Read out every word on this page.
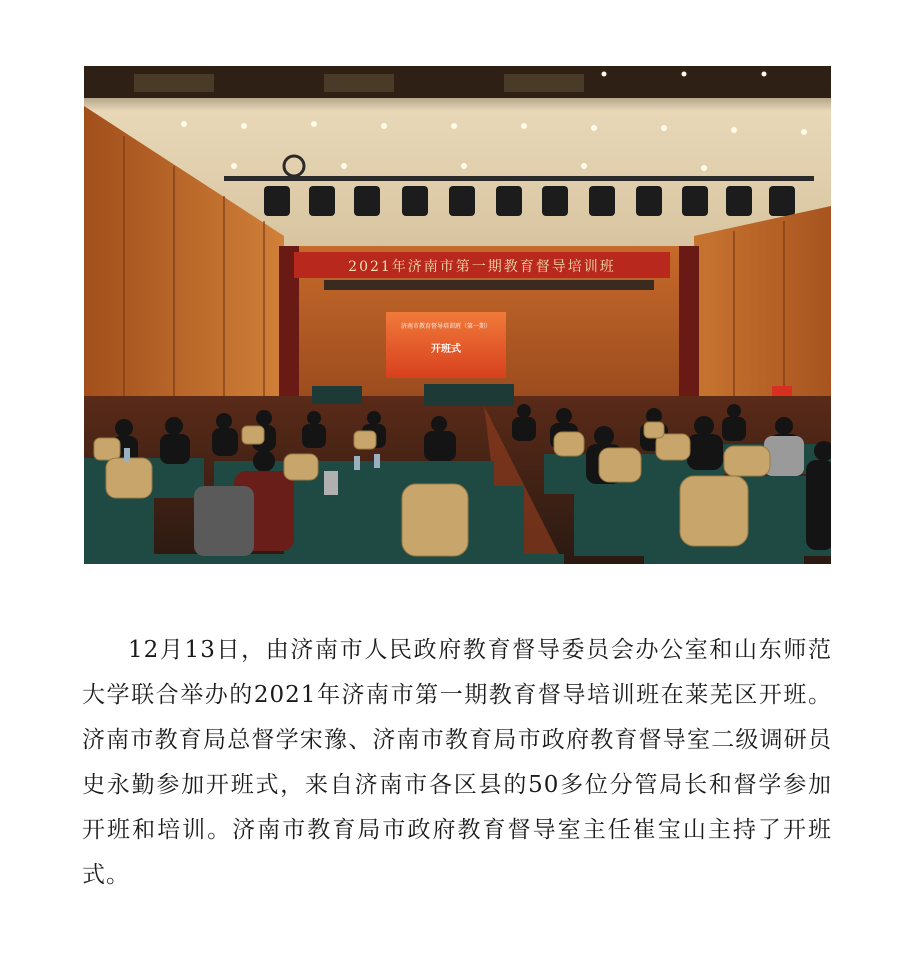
2021年济南市第一期教育督导培训班
济南市教育督导培训班（第一期）
开班式

12月13日，由济南市人民政府教育督导委员会办公室和山东师范大学联合举办的2021年济南市第一期教育督导培训班在莱芜区开班。济南市教育局总督学宋豫、济南市教育局市政府教育督导室二级调研员史永勤参加开班式，来自济南市各区县的50多位分管局长和督学参加开班和培训。济南市教育局市政府教育督导室主任崔宝山主持了开班式。
